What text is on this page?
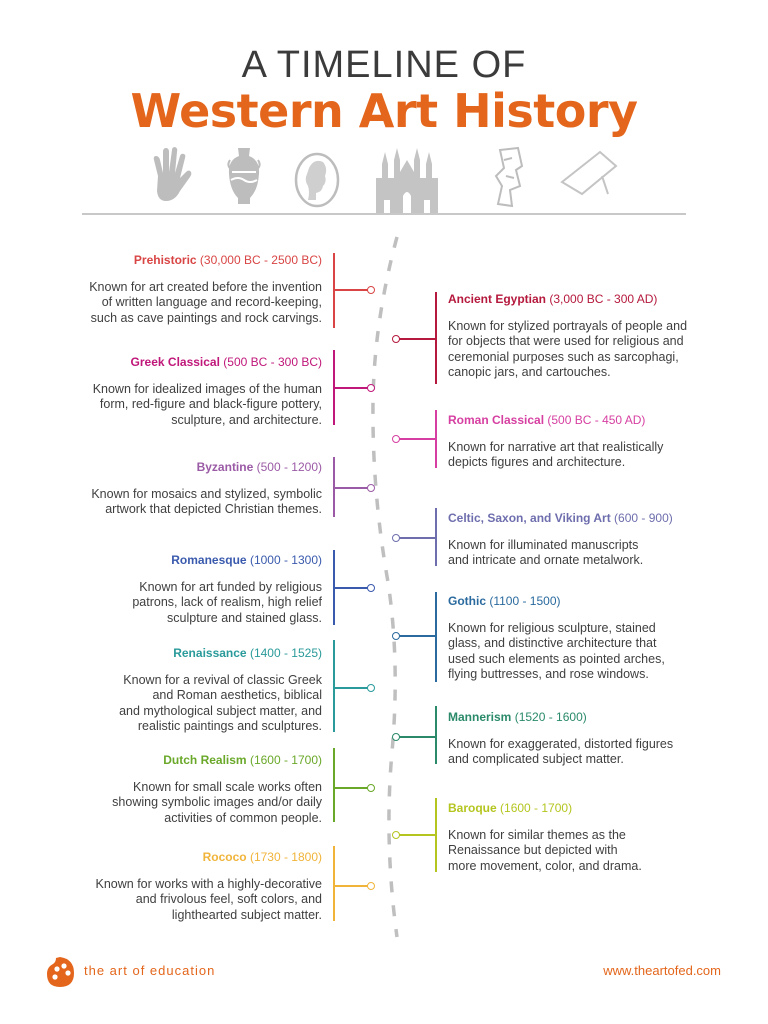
A TIMELINE OF
Western Art History
Prehistoric (30,000 BC - 2500 BC)
Known for art created before the invention
of written language and record-keeping,
such as cave paintings and rock carvings.
Ancient Egyptian (3,000 BC - 300 AD)
Known for stylized portrayals of people and
for objects that were used for religious and
ceremonial purposes such as sarcophagi,
canopic jars, and cartouches.
Greek Classical (500 BC - 300 BC)
Known for idealized images of the human
form, red-figure and black-figure pottery,
sculpture, and architecture.	Roman Classical (500 BC - 450 AD)
Known for narrative art that realistically
depicts figures and architecture.
Byzantine (500 - 1200)
Known for mosaics and stylized, symbolic
artwork that depicted Christian themes.
Celtic, Saxon, and Viking Art (600 - 900)
Known for illuminated manuscripts
and intricate and ornate metalwork.
Romanesque (1000 - 1300)
Known for art funded by religious
patrons, lack of realism, high relief
sculpture and stained glass.
Gothic (1100 - 1500)
Known for religious sculpture, stained
glass, and distinctive architecture that
used such elements as pointed arches,
flying buttresses, and rose windows.
Renaissance (1400 - 1525)
Known for a revival of classic Greek
and Roman aesthetics, biblical
and mythological subject matter, and
realistic paintings and sculptures.
Mannerism (1520 - 1600)
Known for exaggerated, distorted figures
and complicated subject matter.
Dutch Realism (1600 - 1700)
Known for small scale works often
showing symbolic images and/or daily
activities of common people.
Baroque (1600 - 1700)
Known for similar themes as the
Renaissance but depicted with
more movement, color, and drama.
Rococo (1730 - 1800)
Known for works with a highly-decorative
and frivolous feel, soft colors, and
lighthearted subject matter.
the art of education	www.theartofed.com
